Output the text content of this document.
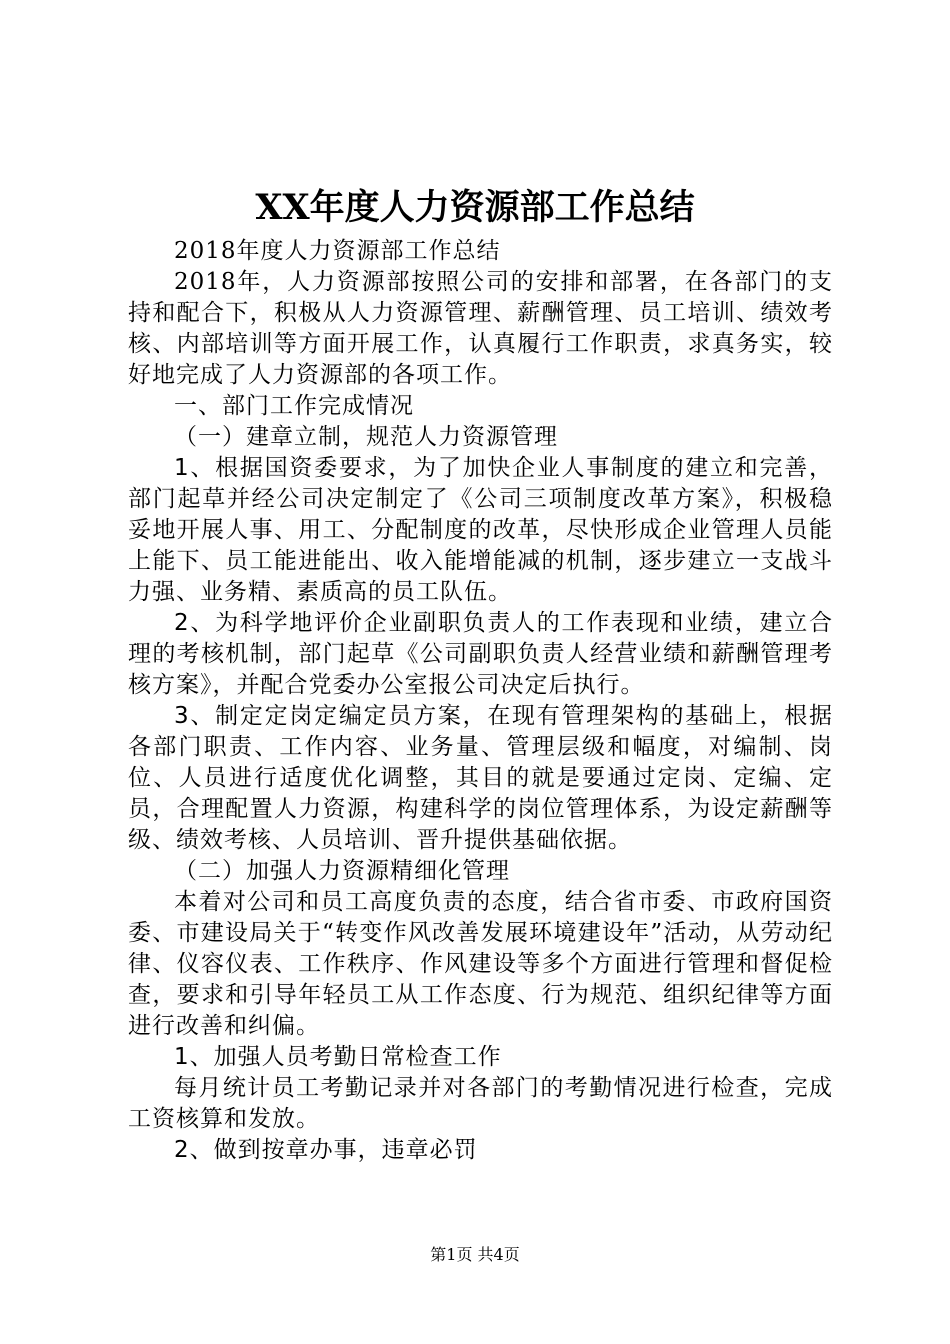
XX年度人力资源部工作总结

2018年度人力资源部工作总结

2018年，人力资源部按照公司的安排和部署，在各部门的支持和配合下，积极从人力资源管理、薪酬管理、员工培训、绩效考核、内部培训等方面开展工作，认真履行工作职责，求真务实，较好地完成了人力资源部的各项工作。

一、部门工作完成情况

（一）建章立制，规范人力资源管理

1、根据国资委要求，为了加快企业人事制度的建立和完善，部门起草并经公司决定制定了《公司三项制度改革方案》，积极稳妥地开展人事、用工、分配制度的改革，尽快形成企业管理人员能上能下、员工能进能出、收入能增能减的机制，逐步建立一支战斗力强、业务精、素质高的员工队伍。

2、为科学地评价企业副职负责人的工作表现和业绩，建立合理的考核机制，部门起草《公司副职负责人经营业绩和薪酬管理考核方案》，并配合党委办公室报公司决定后执行。

3、制定定岗定编定员方案，在现有管理架构的基础上，根据各部门职责、工作内容、业务量、管理层级和幅度，对编制、岗位、人员进行适度优化调整，其目的就是要通过定岗、定编、定员，合理配置人力资源，构建科学的岗位管理体系，为设定薪酬等级、绩效考核、人员培训、晋升提供基础依据。

（二）加强人力资源精细化管理

本着对公司和员工高度负责的态度，结合省市委、市政府国资委、市建设局关于“转变作风改善发展环境建设年”活动，从劳动纪律、仪容仪表、工作秩序、作风建设等多个方面进行管理和督促检查，要求和引导年轻员工从工作态度、行为规范、组织纪律等方面进行改善和纠偏。

1、加强人员考勤日常检查工作

每月统计员工考勤记录并对各部门的考勤情况进行检查，完成工资核算和发放。

2、做到按章办事，违章必罚

第1页 共4页
